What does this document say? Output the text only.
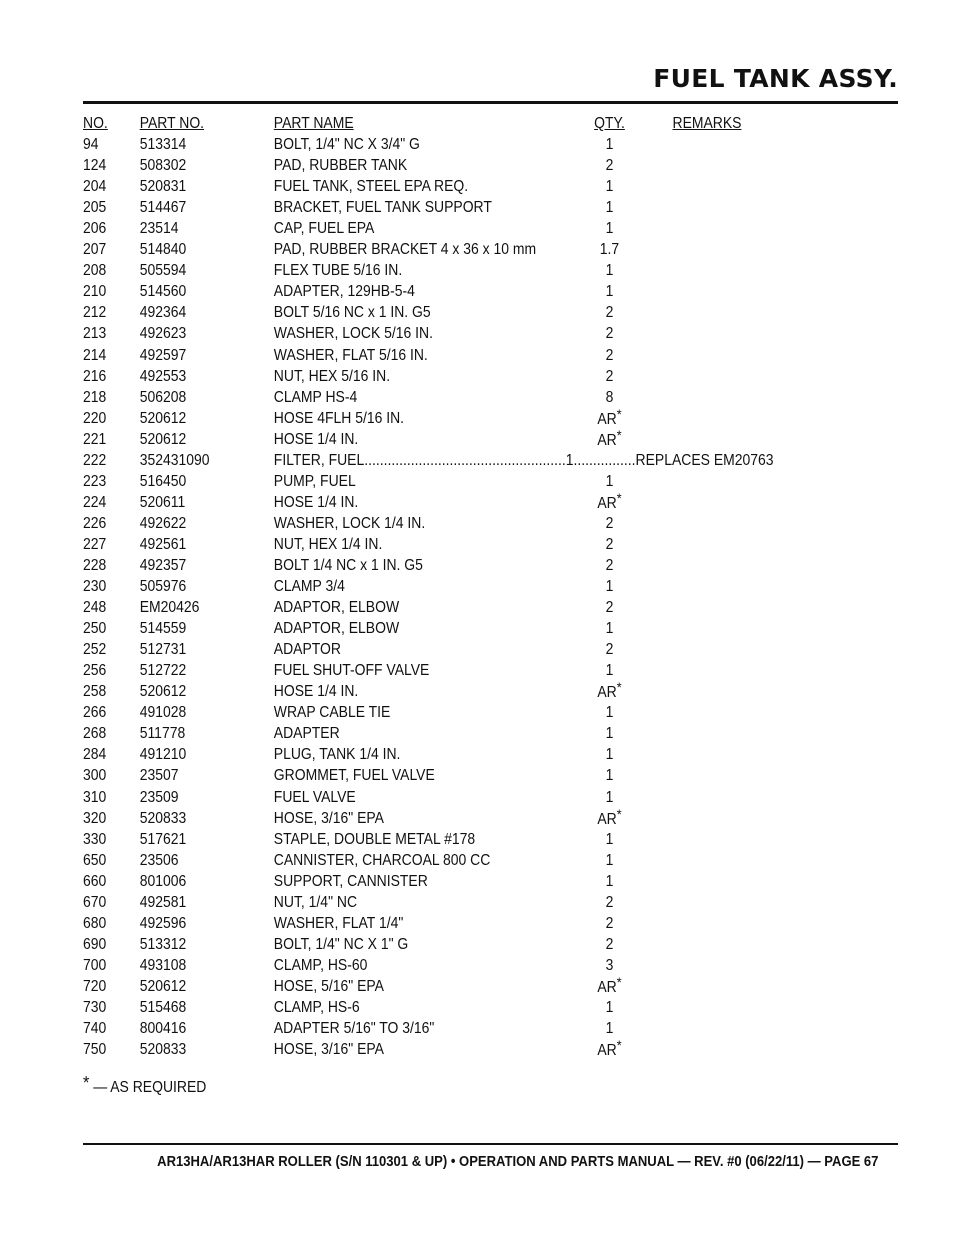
FUEL TANK ASSY.
NO. PART NO.	PART NAME	QTY.	REMARKS
94	513314	BOLT, 1/4" NC X 3/4" G	1
124 508302	PAD, RUBBER TANK	2
204 520831	FUEL TANK, STEEL EPA REQ.	1
205 514467	BRACKET, FUEL TANK SUPPORT	1
206 23514	CAP, FUEL EPA	1
207 514840	PAD, RUBBER BRACKET 4 x 36 x 10 mm	1.7
208 505594	FLEX TUBE 5/16 IN.	1
210 514560	ADAPTER, 129HB-5-4	1
212 492364	BOLT 5/16 NC x 1 IN. G5	2
213 492623	WASHER, LOCK 5/16 IN.	2
214 492597	WASHER, FLAT 5/16 IN.	2
216 492553	NUT, HEX 5/16 IN.	2
218 506208	CLAMP HS-4	8
220 520612	HOSE 4FLH 5/16 IN.	AR*
221 520612	HOSE 1/4 IN.	AR*
222 352431090	FILTER, FUEL....................................................1................REPLACES EM20763
223 516450	PUMP, FUEL	1
224 520611	HOSE 1/4 IN.	AR*
226 492622	WASHER, LOCK 1/4 IN.	2
227 492561	NUT, HEX 1/4 IN.	2
228 492357	BOLT 1/4 NC x 1 IN. G5	2
230 505976	CLAMP 3/4	1
248 EM20426	ADAPTOR, ELBOW	2
250 514559	ADAPTOR, ELBOW	1
252 512731	ADAPTOR	2
256 512722	FUEL SHUT-OFF VALVE	1
258 520612	HOSE 1/4 IN.	AR*
266 491028	WRAP CABLE TIE	1
268 511778	ADAPTER	1
284 491210	PLUG, TANK 1/4 IN.	1
300 23507	GROMMET, FUEL VALVE	1
310 23509	FUEL VALVE	1
320 520833	HOSE, 3/16" EPA	AR*
330 517621	STAPLE, DOUBLE METAL #178	1
650 23506	CANNISTER, CHARCOAL 800 CC	1
660 801006	SUPPORT, CANNISTER	1
670 492581	NUT, 1/4" NC	2
680 492596	WASHER, FLAT 1/4"	2
690 513312	BOLT, 1/4" NC X 1" G	2
700 493108	CLAMP, HS-60	3
720 520612	HOSE, 5/16" EPA	AR*
730 515468	CLAMP, HS-6	1
740 800416	ADAPTER 5/16" TO 3/16"	1
750 520833	HOSE, 3/16" EPA	AR*
* — AS REQUIRED
AR13HA/AR13HAR ROLLER (S/N 110301 & UP) • OPERATION AND PARTS MANUAL — REV. #0 (06/22/11) — PAGE 67
